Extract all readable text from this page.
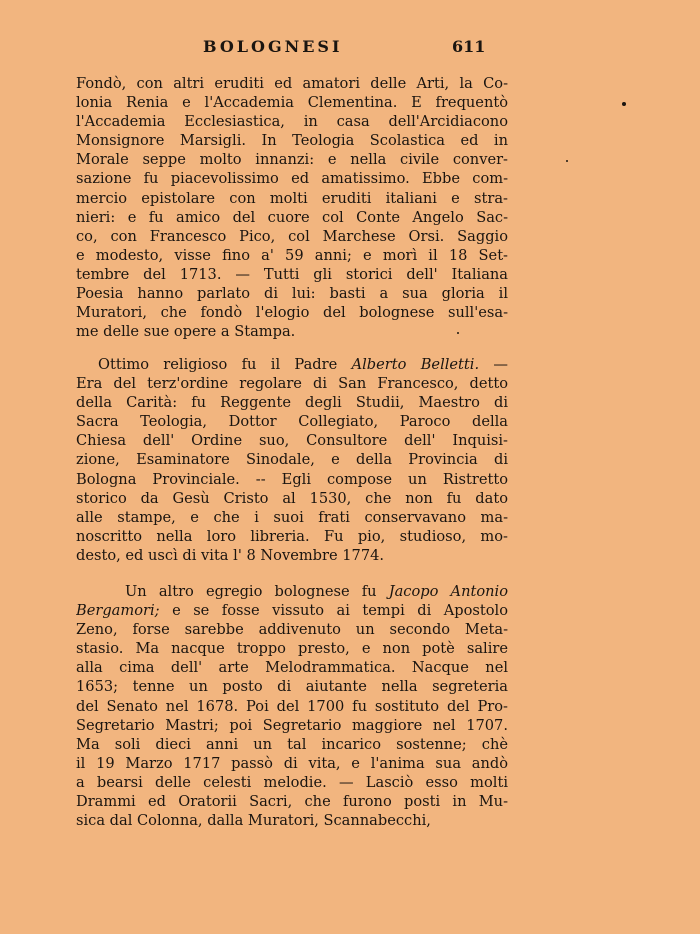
BOLOGNESI	611
Fondò, con altri eruditi ed amatori delle Arti, la Co-
lonia Renia e l'Accademia Clementina. E frequentò
l'Accademia Ecclesiastica, in casa dell'Arcidiacono
Monsignore Marsigli. In Teologia Scolastica ed in
Morale seppe molto innanzi: e nella civile conver-
sazione fu piacevolissimo ed amatissimo. Ebbe com-
mercio epistolare con molti eruditi italiani e stra-
nieri: e fu amico del cuore col Conte Angelo Sac-
co, con Francesco Pico, col Marchese Orsi. Saggio
e modesto, visse fino a' 59 anni; e morì il 18 Set-
tembre del 1713. — Tutti gli storici dell' Italiana
Poesia hanno parlato di lui: basti a sua gloria il
Muratori, che fondò l'elogio del bolognese sull'esa-
me delle sue opere a Stampa.
Ottimo religioso fu il Padre Alberto Belletti. —
Era del terz'ordine regolare di San Francesco, detto
della Carità: fu Reggente degli Studii, Maestro di
Sacra Teologia, Dottor Collegiato, Paroco della
Chiesa dell' Ordine suo, Consultore dell' Inquisi-
zione, Esaminatore Sinodale, e della Provincia di
Bologna Provinciale. -- Egli compose un Ristretto
storico da Gesù Cristo al 1530, che non fu dato
alle stampe, e che i suoi frati conservavano ma-
noscritto nella loro libreria. Fu pio, studioso, mo-
desto, ed uscì di vita l' 8 Novembre 1774.
Un altro egregio bolognese fu Jacopo Antonio
Bergamori; e se fosse vissuto ai tempi di Apostolo
Zeno, forse sarebbe addivenuto un secondo Meta-
stasio. Ma nacque troppo presto, e non potè salire
alla cima dell' arte Melodrammatica. Nacque nel
1653; tenne un posto di aiutante nella segreteria
del Senato nel 1678. Poi del 1700 fu sostituto del Pro-
Segretario Mastri; poi Segretario maggiore nel 1707.
Ma soli dieci anni un tal incarico sostenne; chè
il 19 Marzo 1717 passò di vita, e l'anima sua andò
a bearsi delle celesti melodie. — Lasciò esso molti
Drammi ed Oratorii Sacri, che furono posti in Mu-
sica dal Colonna, dalla Muratori, Scannabecchi,
